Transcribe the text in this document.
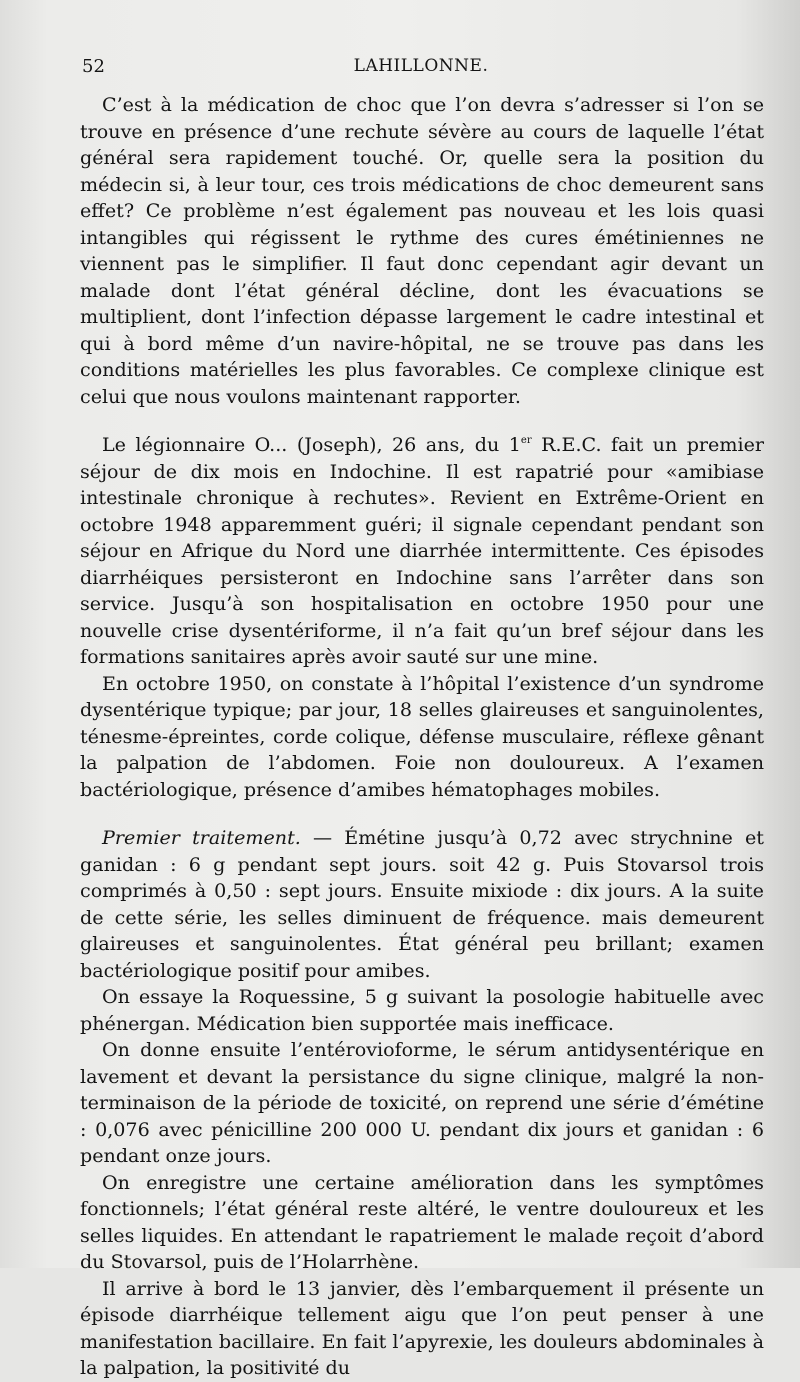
52	LAHILLONNE.

C’est à la médication de choc que l’on devra s’adresser si l’on se trouve en présence d’une rechute sévère au cours de laquelle l’état général sera rapidement touché. Or, quelle sera la position du médecin si, à leur tour, ces trois médications de choc demeurent sans effet? Ce problème n’est également pas nouveau et les lois quasi intangibles qui régissent le rythme des cures émétiniennes ne viennent pas le simplifier. Il faut donc cependant agir devant un malade dont l’état général décline, dont les évacuations se multiplient, dont l’infection dépasse largement le cadre intestinal et qui à bord même d’un navire-hôpital, ne se trouve pas dans les conditions matérielles les plus favorables. Ce complexe clinique est celui que nous voulons maintenant rapporter.

Le légionnaire O... (Joseph), 26 ans, du 1er R.E.C. fait un premier séjour de dix mois en Indochine. Il est rapatrié pour «amibiase intestinale chronique à rechutes». Revient en Extrême-Orient en octobre 1948 apparemment guéri; il signale cependant pendant son séjour en Afrique du Nord une diarrhée intermittente. Ces épisodes diarrhéiques persisteront en Indochine sans l’arrêter dans son service. Jusqu’à son hospitalisation en octobre 1950 pour une nouvelle crise dysentériforme, il n’a fait qu’un bref séjour dans les formations sanitaires après avoir sauté sur une mine.

En octobre 1950, on constate à l’hôpital l’existence d’un syndrome dysentérique typique; par jour, 18 selles glaireuses et sanguinolentes, ténesme-épreintes, corde colique, défense musculaire, réflexe gênant la palpation de l’abdomen. Foie non douloureux. A l’examen bactériologique, présence d’amibes hématophages mobiles.

Premier traitement. — Émétine jusqu’à 0,72 avec strychnine et ganidan : 6 g pendant sept jours. soit 42 g. Puis Stovarsol trois comprimés à 0,50 : sept jours. Ensuite mixiode : dix jours. A la suite de cette série, les selles diminuent de fréquence. mais demeurent glaireuses et sanguinolentes. État général peu brillant; examen bactériologique positif pour amibes.

On essaye la Roquessine, 5 g suivant la posologie habituelle avec phénergan. Médication bien supportée mais inefficace.

On donne ensuite l’entérovioforme, le sérum antidysentérique en lavement et devant la persistance du signe clinique, malgré la non-terminaison de la période de toxicité, on reprend une série d’émétine : 0,076 avec pénicilline 200 000 U. pendant dix jours et ganidan : 6 pendant onze jours.

On enregistre une certaine amélioration dans les symptômes fonctionnels; l’état général reste altéré, le ventre douloureux et les selles liquides. En attendant le rapatriement le malade reçoit d’abord du Stovarsol, puis de l’Holarrhène.

Il arrive à bord le 13 janvier, dès l’embarquement il présente un épisode diarrhéique tellement aigu que l’on peut penser à une manifestation bacillaire. En fait l’apyrexie, les douleurs abdominales à la palpation, la positivité du
